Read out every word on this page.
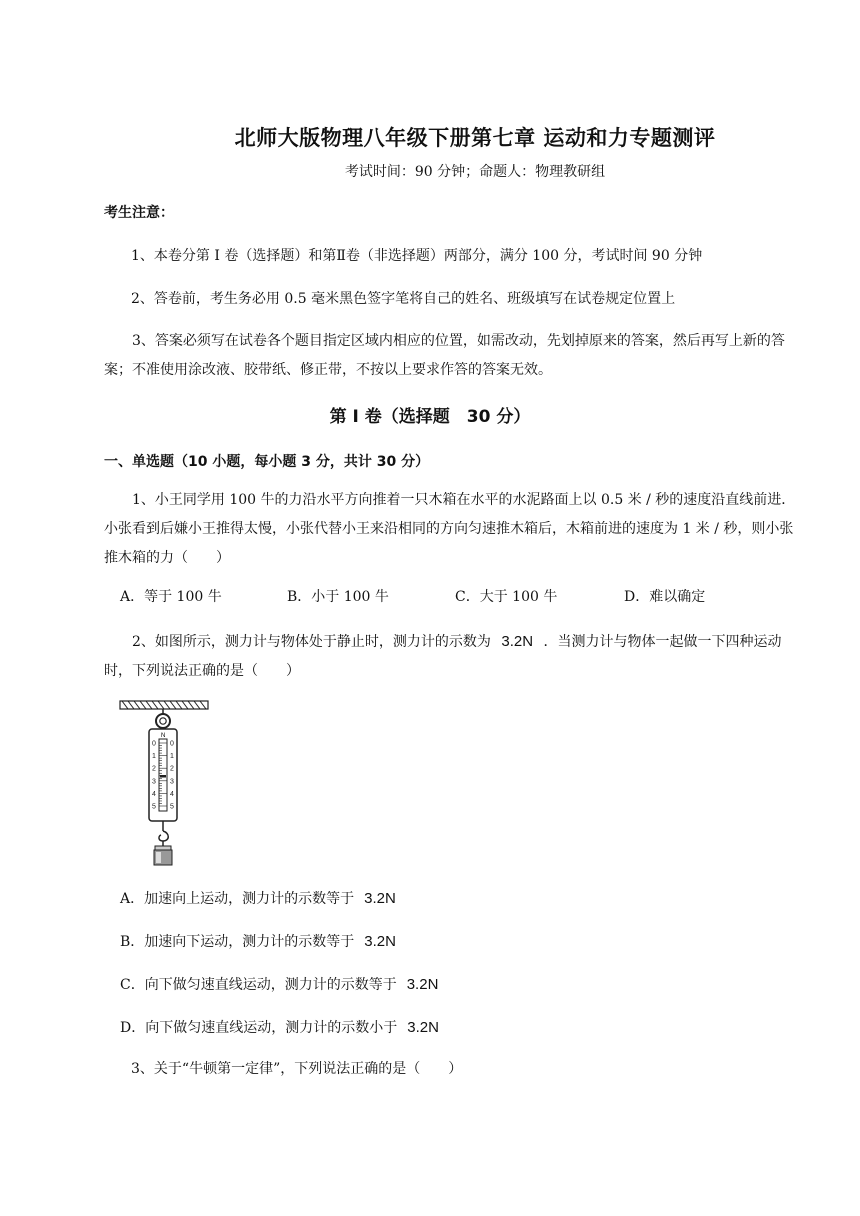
北师大版物理八年级下册第七章 运动和力专题测评
考试时间：90 分钟；命题人：物理教研组
考生注意：
1、本卷分第 I 卷（选择题）和第Ⅱ卷（非选择题）两部分，满分 100 分，考试时间 90 分钟
2、答卷前，考生务必用 0.5 毫米黑色签字笔将自己的姓名、班级填写在试卷规定位置上
3、答案必须写在试卷各个题目指定区域内相应的位置，如需改动，先划掉原来的答案，然后再写上新的答案；不准使用涂改液、胶带纸、修正带，不按以上要求作答的答案无效。
第 I 卷（选择题　30 分）
一、单选题（10 小题，每小题 3 分，共计 30 分）
1、小王同学用 100 牛的力沿水平方向推着一只木箱在水平的水泥路面上以 0.5 米 / 秒的速度沿直线前进．小张看到后嫌小王推得太慢，小张代替小王来沿相同的方向匀速推木箱后，木箱前进的速度为 1 米 / 秒，则小张推木箱的力（　　）
A．等于 100 牛	B．小于 100 牛	C．大于 100 牛	D．难以确定
2、如图所示，测力计与物体处于静止时，测力计的示数为 3.2N ．当测力计与物体一起做一下四种运动时，下列说法正确的是（　　）
N
0
1
2
3
4
5
0
1
2
3
4
5
A．加速向上运动，测力计的示数等于 3.2N
B．加速向下运动，测力计的示数等于 3.2N
C．向下做匀速直线运动，测力计的示数等于 3.2N
D．向下做匀速直线运动，测力计的示数小于 3.2N
3、关于“牛顿第一定律”，下列说法正确的是（　　）
